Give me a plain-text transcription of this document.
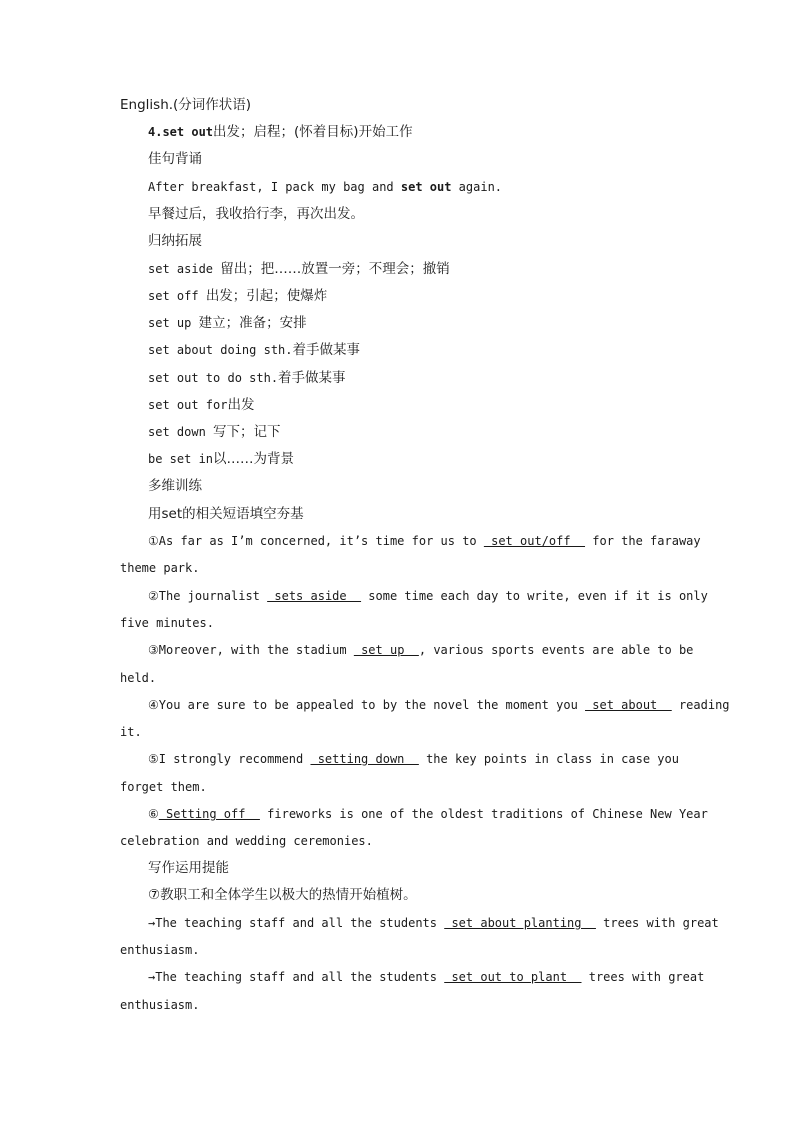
English.(分词作状语)
4.set out出发；启程；(怀着目标)开始工作
佳句背诵
After breakfast, I pack my bag and set out again.
早餐过后，我收拾行李，再次出发。
归纳拓展
set aside 留出；把……放置一旁；不理会；撤销
set off 出发；引起；使爆炸
set up 建立；准备；安排
set about doing sth.着手做某事
set out to do sth.着手做某事
set out for出发
set down 写下；记下
be set in以……为背景
多维训练
用set的相关短语填空夯基
①As far as I’m concerned, it’s time for us to  set out/off   for the faraway
theme park.
②The journalist  sets aside   some time each day to write, even if it is only
five minutes.
③Moreover, with the stadium  set up  , various sports events are able to be
held.
④You are sure to be appealed to by the novel the moment you  set about   reading
it.
⑤I strongly recommend  setting down   the key points in class in case you
forget them.
⑥ Setting off   fireworks is one of the oldest traditions of Chinese New Year
celebration and wedding ceremonies.
写作运用提能
⑦教职工和全体学生以极大的热情开始植树。
→The teaching staff and all the students  set about planting   trees with great
enthusiasm.
→The teaching staff and all the students  set out to plant   trees with great
enthusiasm.
